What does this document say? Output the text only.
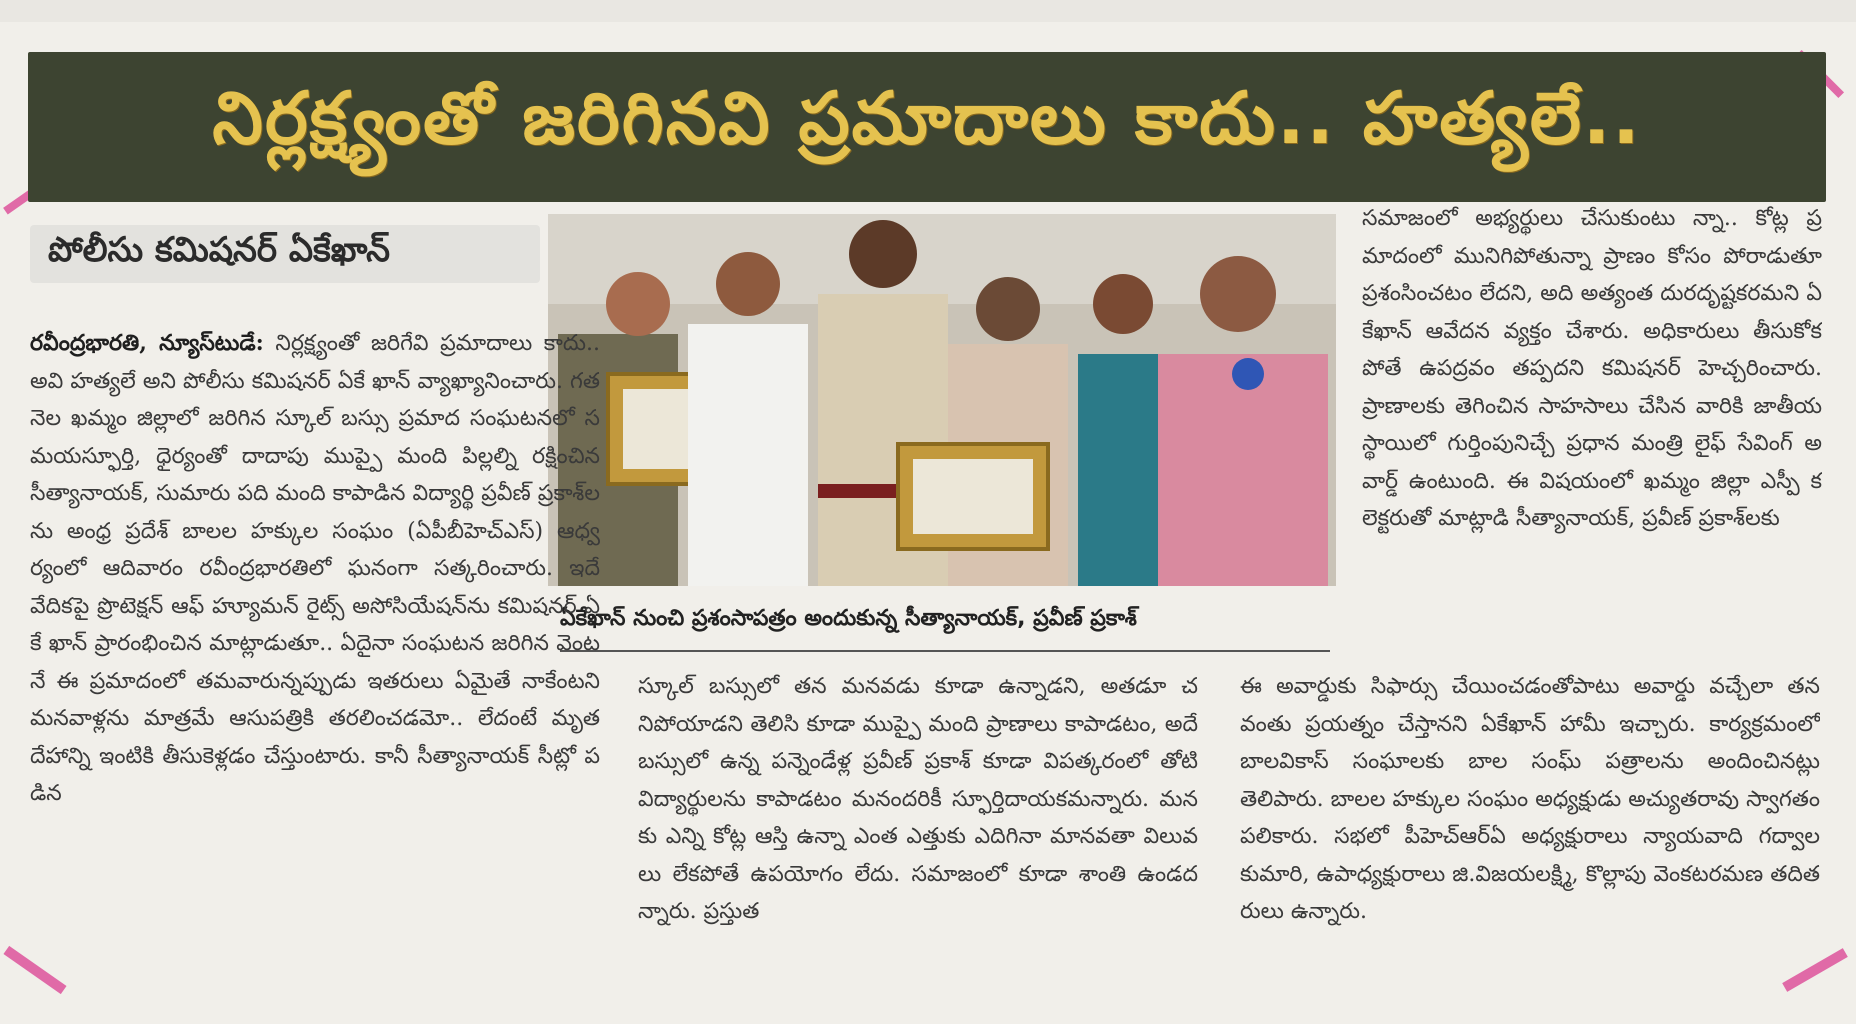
నిర్లక్ష్యంతో జరిగినవి ప్రమాదాలు కాదు.. హత్యలే..
పోలీసు కమిషనర్ ఏకేఖాన్
ఏకేఖాన్ నుంచి ప్రశంసాపత్రం అందుకున్న సీత్యానాయక్, ప్రవీణ్ ప్రకాశ్
రవీంద్రభారతి, న్యూస్‌టుడే: నిర్లక్ష్యంతో జరిగేవి ప్రమాదాలు కాదు.. అవి హత్యలే అని పోలీసు కమిషనర్ ఏకే ఖాన్ వ్యాఖ్యానించారు. గత నెల ఖమ్మం జిల్లాలో జరిగిన స్కూల్ బస్సు ప్రమాద సంఘటనలో సమయస్ఫూర్తి, ధైర్యంతో దాదాపు ముప్పై మంది పిల్లల్ని రక్షించిన సీత్యానాయక్, సుమారు పది మంది కాపాడిన విద్యార్థి ప్రవీణ్ ప్రకాశ్‌లను అంధ్ర ప్రదేశ్ బాలల హక్కుల సంఘం (ఏపీబీహెచ్ఎస్) ఆధ్వర్యంలో ఆదివారం రవీంద్రభారతిలో ఘనంగా సత్కరించారు. ఇదే వేదికపై ప్రొటెక్షన్ ఆఫ్ హ్యూమన్ రైట్స్ అసోసియేషన్‌ను కమిషనర్ ఏకే ఖాన్ ప్రారంభించిన మాట్లాడుతూ.. ఏదైనా సంఘటన జరిగిన వెంటనే ఈ ప్రమాదంలో తమవారున్నప్పుడు ఇతరులు ఏమైతే నాకేంటని మనవాళ్లను మాత్రమే ఆసుపత్రికి తరలించడమో.. లేదంటే మృతదేహాన్ని ఇంటికి తీసుకెళ్లడం చేస్తుంటారు. కానీ సీత్యానాయక్ సీట్లో పడిన
సమాజంలో అభ్యర్థులు చేసుకుంటు న్నా.. కోట్ల ప్రమాదంలో మునిగిపోతున్నా ప్రాణం కోసం పోరాడుతూ ప్రశంసించటం లేదని, అది అత్యంత దురదృష్టకరమని ఏకేఖాన్ ఆవేదన వ్యక్తం చేశారు. అధికారులు తీసుకోకపోతే ఉపద్రవం తప్పదని కమిషనర్ హెచ్చరించారు. ప్రాణాలకు తెగించిన సాహసాలు చేసిన వారికి జాతీయస్థాయిలో గుర్తింపునిచ్చే ప్రధాన మంత్రి లైఫ్ సేవింగ్ అవార్డ్ ఉంటుంది. ఈ విషయంలో ఖమ్మం జిల్లా ఎస్పీ కలెక్టరుతో మాట్లాడి సీత్యానాయక్, ప్రవీణ్ ప్రకాశ్‌లకు
స్కూల్ బస్సులో తన మనవడు కూడా ఉన్నాడని, అతడూ చనిపోయాడని తెలిసి కూడా ముప్పై మంది ప్రాణాలు కాపాడటం, అదే బస్సులో ఉన్న పన్నెండేళ్ల ప్రవీణ్ ప్రకాశ్ కూడా విపత్కరంలో తోటి విద్యార్థులను కాపాడటం మనందరికీ స్ఫూర్తిదాయకమన్నారు. మనకు ఎన్ని కోట్ల ఆస్తి ఉన్నా ఎంత ఎత్తుకు ఎదిగినా మానవతా విలువలు లేకపోతే ఉపయోగం లేదు. సమాజంలో కూడా శాంతి ఉండదన్నారు. ప్రస్తుత
ఈ అవార్డుకు సిఫార్సు చేయించడంతోపాటు అవార్డు వచ్చేలా తనవంతు ప్రయత్నం చేస్తానని ఏకేఖాన్ హామీ ఇచ్చారు. కార్యక్రమంలో బాలవికాస్ సంఘాలకు బాల సంఘ్ పత్రాలను అందించినట్లు తెలిపారు. బాలల హక్కుల సంఘం అధ్యక్షుడు అచ్యుతరావు స్వాగతం పలికారు. సభలో పీహెచ్ఆర్ఏ అధ్యక్షురాలు న్యాయవాది గద్వాలకుమారి, ఉపాధ్యక్షురాలు జి.విజయలక్ష్మి, కొల్లాపు వెంకటరమణ తదితరులు ఉన్నారు.
